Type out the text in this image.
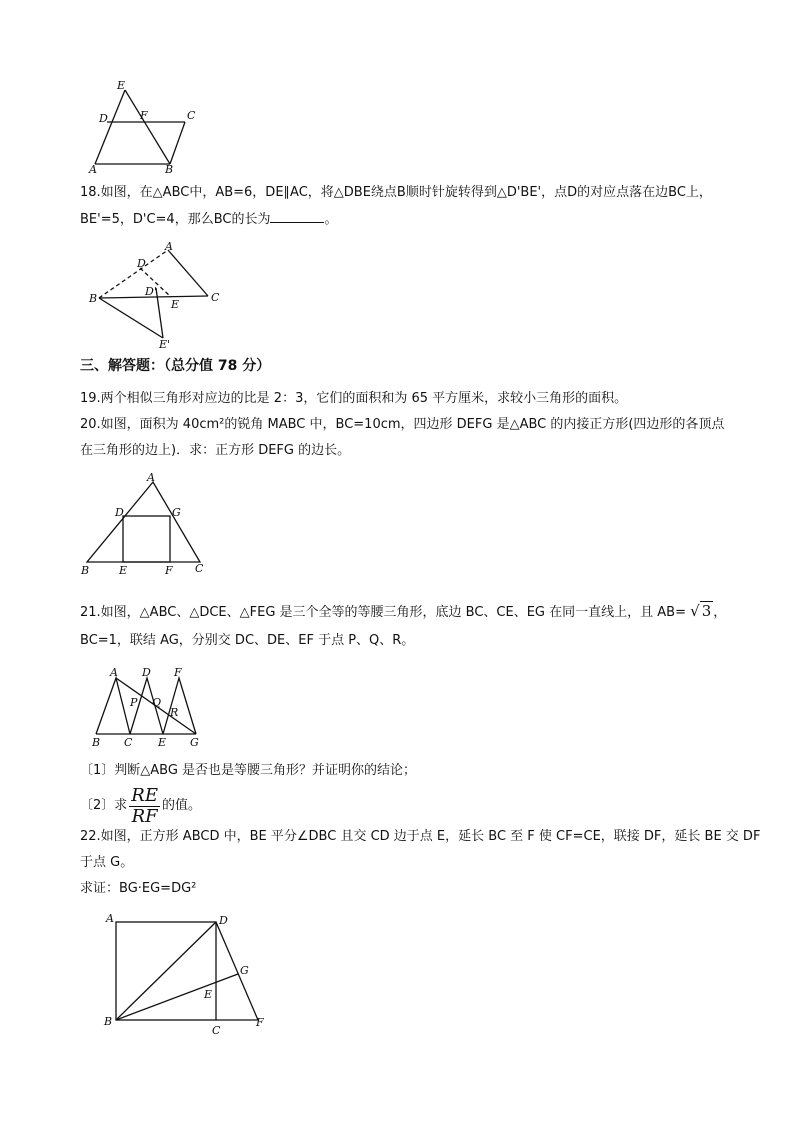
E
D	F	C
A	B
18.如图，在△ABC中，AB=6，DE∥AC，将△DBE绕点B顺时针旋转得到△D'BE'，点D的对应点落在边BC上，
BE'=5，D'C=4，那么BC的长为	。
A
D
B
D'
E
C
E'
三、解答题：（总分值 78 分）
19.两个相似三角形对应边的比是 2：3，它们的面积和为 65 平方厘米，求较小三角形的面积。
20.如图，面积为 40cm²的锐角 MABC 中，BC=10cm，四边形 DEFG 是△ABC 的内接正方形(四边形的各顶点
在三角形的边上)．求：正方形 DEFG 的边长。
A
D	G
B	E	F C
21.如图，△ABC、△DCE、△FEG 是三个全等的等腰三角形，底边 BC、CE、EG 在同一直线上，且 AB= √ 3 ，
BC=1，联结 AG，分别交 DC、DE、EF 于点 P、Q、R。
A D F
P Q
R
B C E G
〔1〕判断△ABG 是否也是等腰三角形？并证明你的结论；
〔2〕求 $\frac{RE}{RF}$ 的值。
22.如图，正方形 ABCD 中，BE 平分∠DBC 且交 CD 边于点 E，延长 BC 至 F 使 CF=CE，联接 DF，延长 BE 交 DF
于点 G。
求证：BG·EG=DG²
A	D
G
E
B
C
F
